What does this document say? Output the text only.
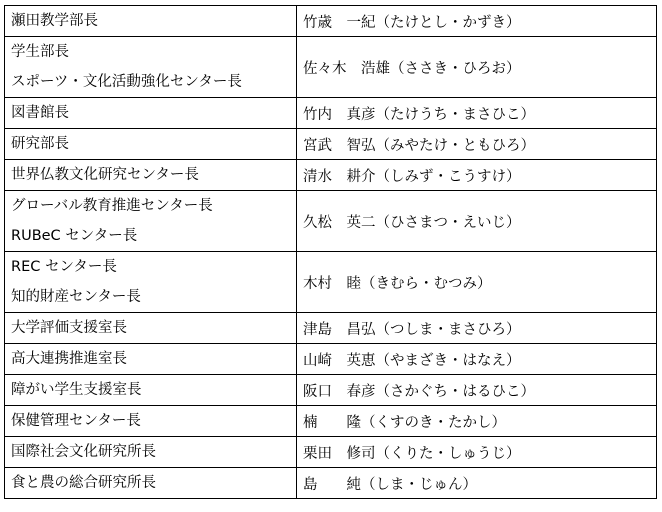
瀬田教学部長	竹歳　一紀（たけとし・かずき）

学生部長
スポーツ・文化活動強化センター長	佐々木　浩雄（ささき・ひろお）

図書館長	竹内　真彦（たけうち・まさひこ）

研究部長	宮武　智弘（みやたけ・ともひろ）

世界仏教文化研究センター長	清水　耕介（しみず・こうすけ）

グローバル教育推進センター長
RUBeC センター長	久松　英二（ひさまつ・えいじ）

REC センター長
知的財産センター長	木村　睦（きむら・むつみ）

大学評価支援室長	津島　昌弘（つしま・まさひろ）

高大連携推進室長	山崎　英恵（やまざき・はなえ）

障がい学生支援室長	阪口　春彦（さかぐち・はるひこ）

保健管理センター長	楠　　隆（くすのき・たかし）

国際社会文化研究所長	栗田　修司（くりた・しゅうじ）

食と農の総合研究所長	島　　純（しま・じゅん）
